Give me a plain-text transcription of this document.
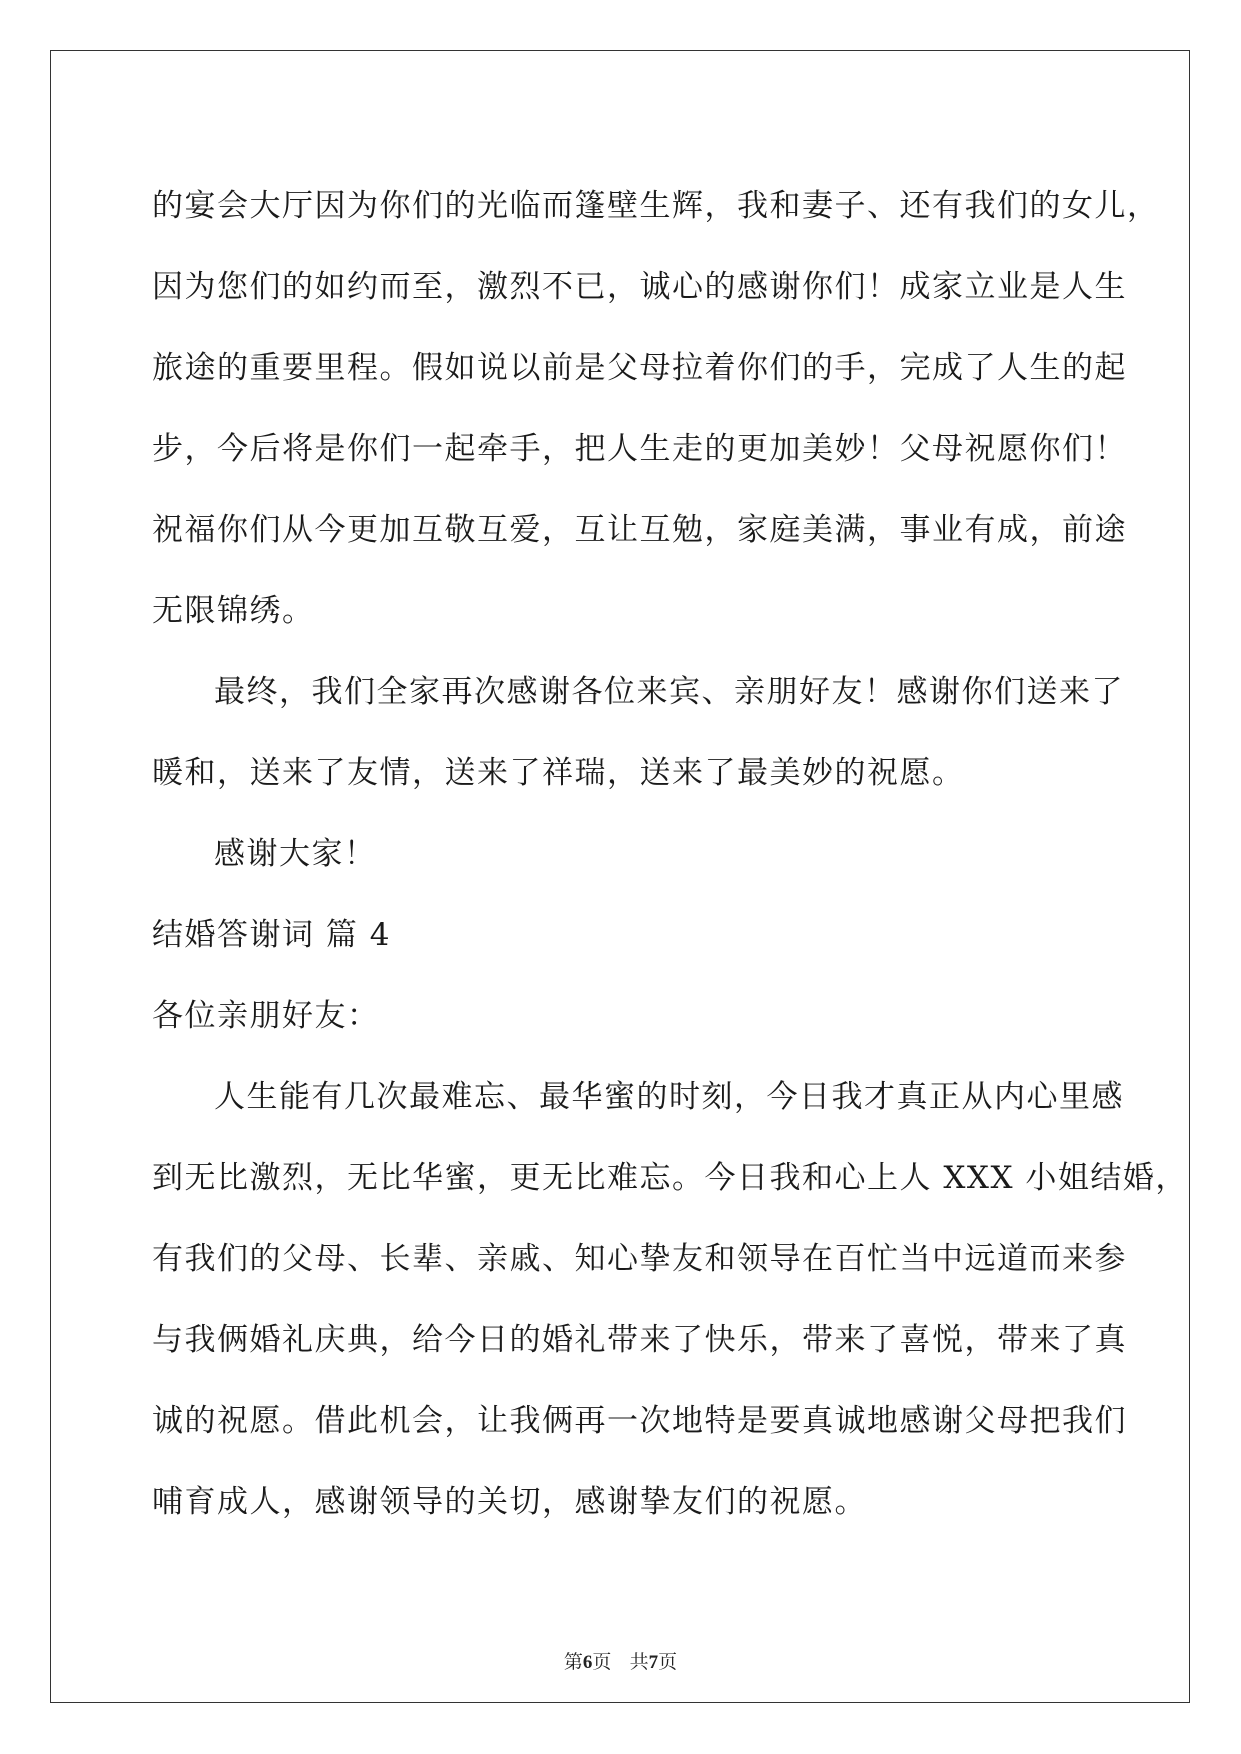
的宴会大厅因为你们的光临而篷壁生辉，我和妻子、还有我们的女儿，
因为您们的如约而至，激烈不已，诚心的感谢你们！成家立业是人生
旅途的重要里程。假如说以前是父母拉着你们的手，完成了人生的起
步，今后将是你们一起牵手，把人生走的更加美妙！父母祝愿你们！
祝福你们从今更加互敬互爱，互让互勉，家庭美满，事业有成，前途
无限锦绣。
最终，我们全家再次感谢各位来宾、亲朋好友！感谢你们送来了
暖和，送来了友情，送来了祥瑞，送来了最美妙的祝愿。
感谢大家！
结婚答谢词 篇 4
各位亲朋好友：
人生能有几次最难忘、最华蜜的时刻，今日我才真正从内心里感
到无比激烈，无比华蜜，更无比难忘。今日我和心上人 XXX 小姐结婚，
有我们的父母、长辈、亲戚、知心挚友和领导在百忙当中远道而来参
与我俩婚礼庆典，给今日的婚礼带来了快乐，带来了喜悦，带来了真
诚的祝愿。借此机会，让我俩再一次地特是要真诚地感谢父母把我们
哺育成人，感谢领导的关切，感谢挚友们的祝愿。
第6页 共7页
